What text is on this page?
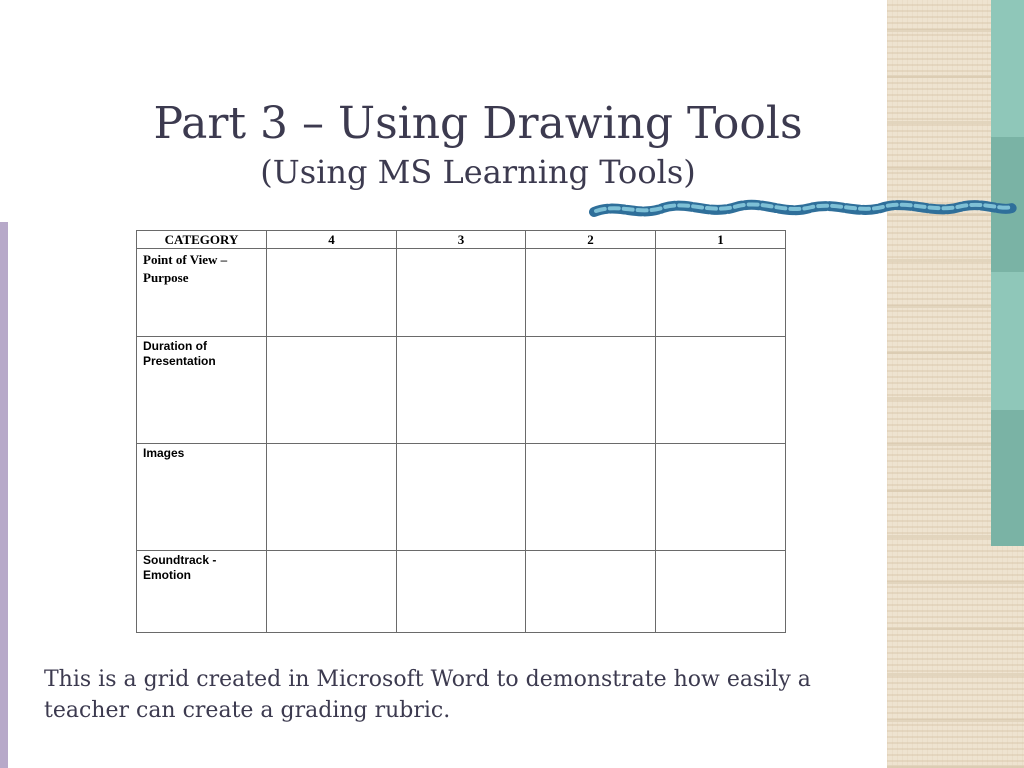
Part 3 – Using Drawing Tools
(Using MS Learning Tools)
CATEGORY	4	3	2	1

Point of View – Purpose				

Duration of Presentation				

Images				

Soundtrack - Emotion				

This is a grid created in Microsoft Word to demonstrate how easily a teacher can create a grading rubric.
